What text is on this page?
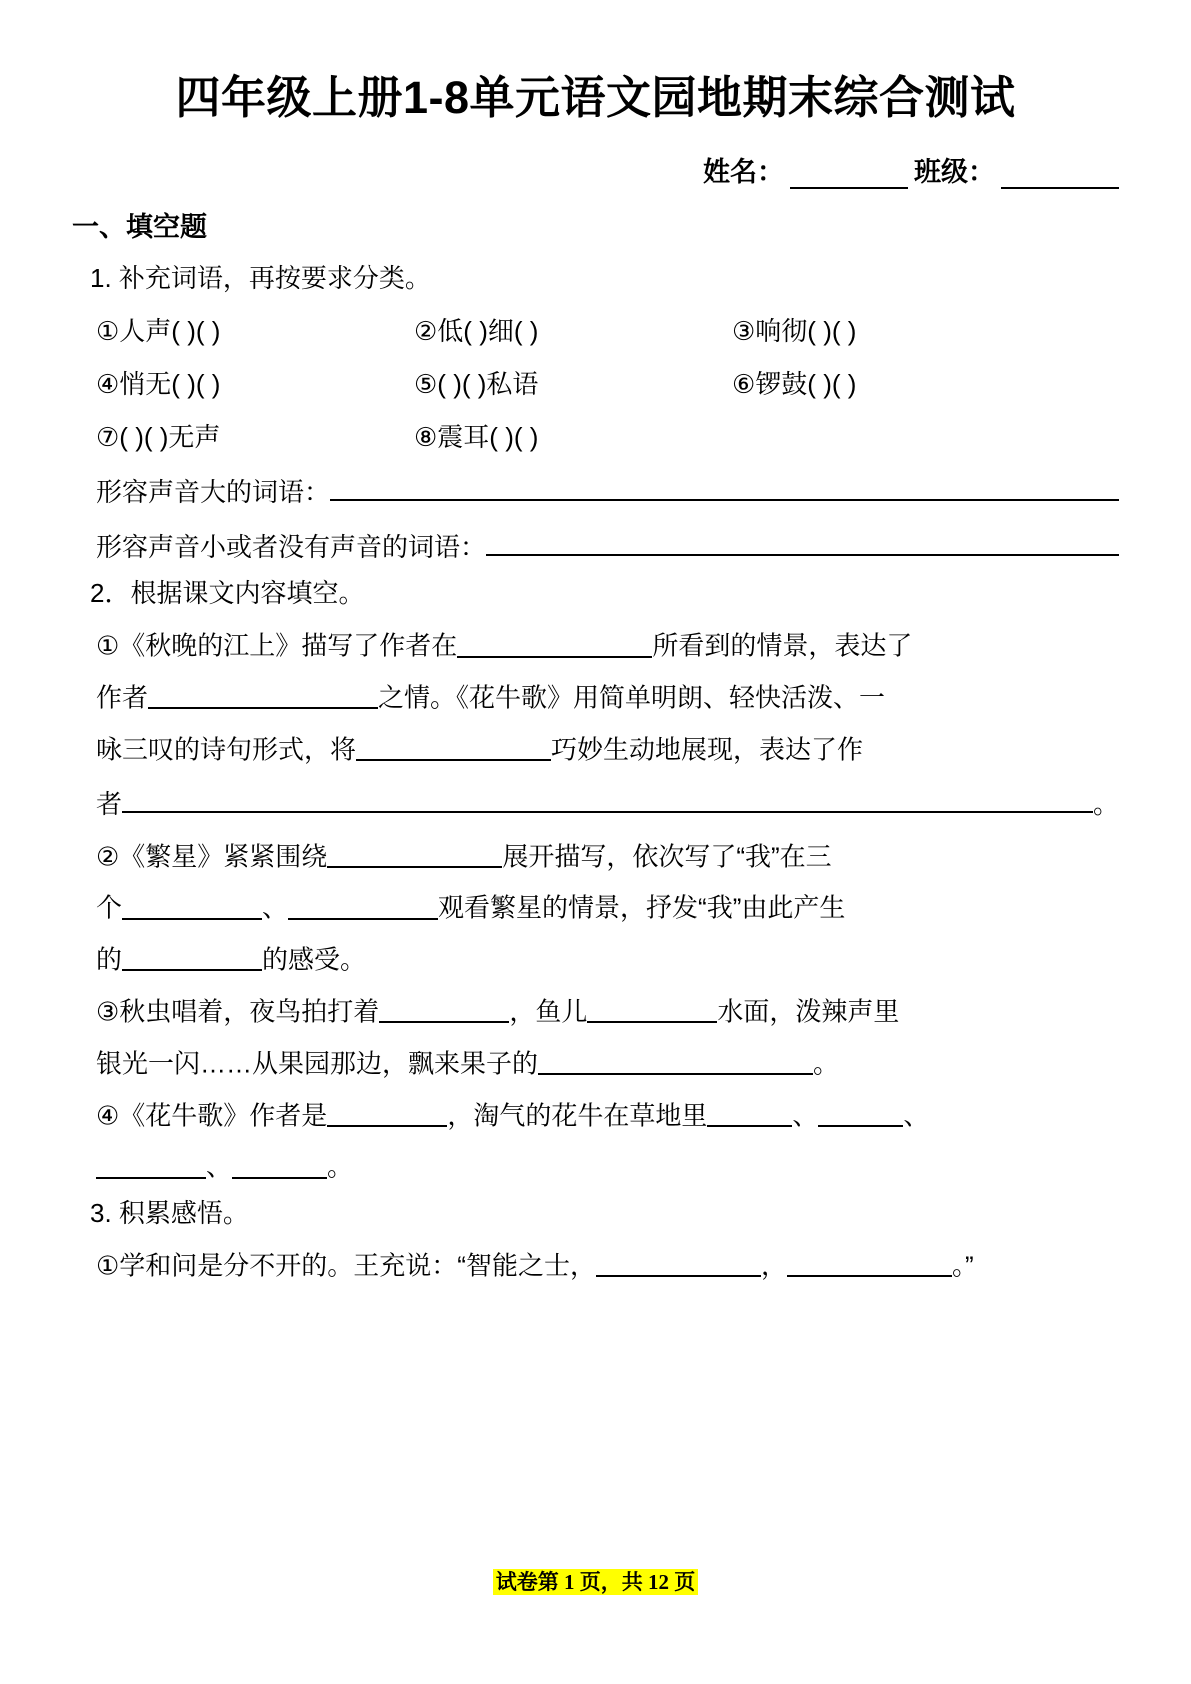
四年级上册1-8单元语文园地期末综合测试
姓名：	班级：
一、填空题
1. 补充词语，再按要求分类。
①人声( )( )	②低( )细( )	③响彻( )( )
④悄无( )( )	⑤( )( )私语	⑥锣鼓( )( )
⑦( )( )无声	⑧震耳( )( )
形容声音大的词语：
形容声音小或者没有声音的词语：
2．根据课文内容填空。
①《秋晚的江上》描写了作者在	所看到的情景，表达了
作者	之情。《花牛歌》用简单明朗、轻快活泼、一
咏三叹的诗句形式，将	巧妙生动地展现，表达了作
者	。
②《繁星》紧紧围绕	展开描写，依次写了“我”在三
个	、	观看繁星的情景，抒发“我”由此产生
的	的感受。
③秋虫唱着，夜鸟拍打着	，鱼儿	水面，泼辣声里
银光一闪……从果园那边，飘来果子的	。
④《花牛歌》作者是	，淘气的花牛在草地里	、	、
、	。
3. 积累感悟。
①学和问是分不开的。王充说：“智能之士，	，	。”
试卷第 1 页，共 12 页
